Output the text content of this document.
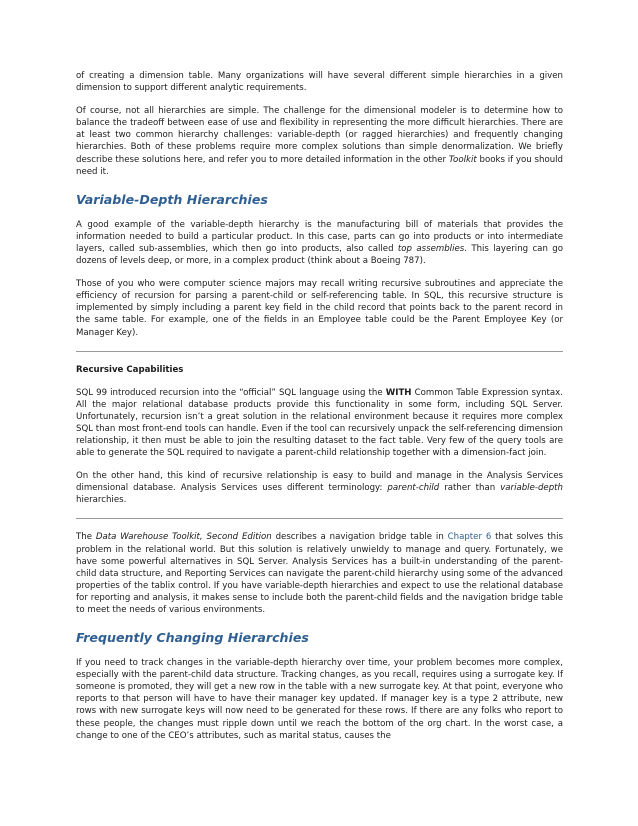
of creating a dimension table. Many organizations will have several different simple hierarchies in a given dimension to support different analytic requirements.

Of course, not all hierarchies are simple. The challenge for the dimensional modeler is to determine how to balance the tradeoff between ease of use and flexibility in representing the more difficult hierarchies. There are at least two common hierarchy challenges: variable-depth (or ragged hierarchies) and frequently changing hierarchies. Both of these problems require more complex solutions than simple denormalization. We briefly describe these solutions here, and refer you to more detailed information in the other Toolkit books if you should need it.

Variable-Depth Hierarchies

A good example of the variable-depth hierarchy is the manufacturing bill of materials that provides the information needed to build a particular product. In this case, parts can go into products or into intermediate layers, called sub-assemblies, which then go into products, also called top assemblies. This layering can go dozens of levels deep, or more, in a complex product (think about a Boeing 787).

Those of you who were computer science majors may recall writing recursive subroutines and appreciate the efficiency of recursion for parsing a parent-child or self-referencing table. In SQL, this recursive structure is implemented by simply including a parent key field in the child record that points back to the parent record in the same table. For example, one of the fields in an Employee table could be the Parent Employee Key (or Manager Key).

Recursive Capabilities

SQL 99 introduced recursion into the “official” SQL language using the WITH Common Table Expression syntax. All the major relational database products provide this functionality in some form, including SQL Server. Unfortunately, recursion isn’t a great solution in the relational environment because it requires more complex SQL than most front-end tools can handle. Even if the tool can recursively unpack the self-referencing dimension relationship, it then must be able to join the resulting dataset to the fact table. Very few of the query tools are able to generate the SQL required to navigate a parent-child relationship together with a dimension-fact join.

On the other hand, this kind of recursive relationship is easy to build and manage in the Analysis Services dimensional database. Analysis Services uses different terminology: parent-child rather than variable-depth hierarchies.

The Data Warehouse Toolkit, Second Edition describes a navigation bridge table in Chapter 6 that solves this problem in the relational world. But this solution is relatively unwieldy to manage and query. Fortunately, we have some powerful alternatives in SQL Server. Analysis Services has a built-in understanding of the parent-child data structure, and Reporting Services can navigate the parent-child hierarchy using some of the advanced properties of the tablix control. If you have variable-depth hierarchies and expect to use the relational database for reporting and analysis, it makes sense to include both the parent-child fields and the navigation bridge table to meet the needs of various environments.

Frequently Changing Hierarchies

If you need to track changes in the variable-depth hierarchy over time, your problem becomes more complex, especially with the parent-child data structure. Tracking changes, as you recall, requires using a surrogate key. If someone is promoted, they will get a new row in the table with a new surrogate key. At that point, everyone who reports to that person will have to have their manager key updated. If manager key is a type 2 attribute, new rows with new surrogate keys will now need to be generated for these rows. If there are any folks who report to these people, the changes must ripple down until we reach the bottom of the org chart. In the worst case, a change to one of the CEO’s attributes, such as marital status, causes the
